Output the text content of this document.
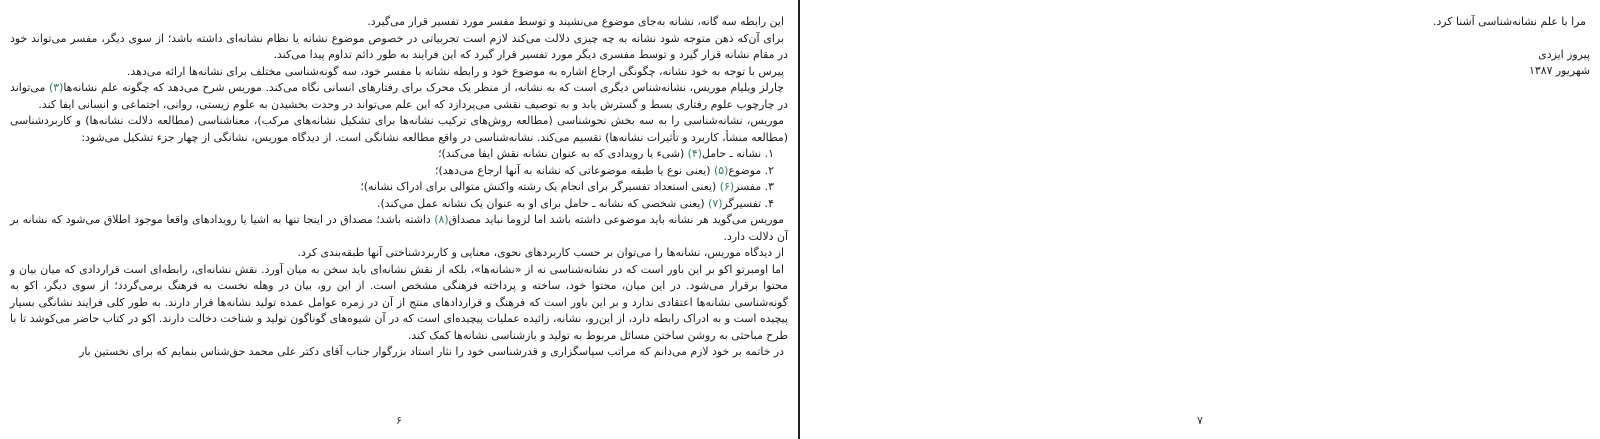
این رابطه سه گانه، نشانه به‌جای موضوع می‌نشیند و توسط مفسر مورد تفسیر قرار می‌گیرد.

برای آن‌که ذهن متوجه شود نشانه به چه چیزی دلالت می‌کند لازم است تجربیاتی در خصوص موضوع نشانه یا نظام نشانه‌ای داشته باشد؛ از سوی دیگر، مفسر می‌تواند خود در مقام نشانه قرار گیرد و توسط مفسری دیگر مورد تفسیر قرار گیرد که این فرایند به طور دائم تداوم پیدا می‌کند.

پیرس با توجه به خود نشانه، چگونگی ارجاع اشاره به موضوع خود و رابطه نشانه با مفسر خود، سه گونه‌شناسی مختلف برای نشانه‌ها ارائه می‌دهد.

چارلز ویلیام موریس، نشانه‌شناس دیگری است که به نشانه، از منظر یک محرک برای رفتارهای انسانی نگاه می‌کند. موریس شرح می‌دهد که چگونه علم نشانه‌ها(۳) می‌تواند در چارچوب علوم رفتاری بسط و گسترش یابد و به توصیف نقشی می‌پردازد که این علم می‌تواند در وحدت بخشیدن به علوم زیستی، روانی، اجتماعی و انسانی ایفا کند.

موریس، نشانه‌شناسی را به سه بخش نحوشناسی (مطالعه روش‌های ترکیب نشانه‌ها برای تشکیل نشانه‌های مرکب)، معناشناسی (مطالعه دلالت نشانه‌ها) و کاربردشناسی (مطالعه منشأ، کاربرد و تأثیرات نشانه‌ها) تقسیم می‌کند. نشانه‌شناسی در واقع مطالعه نشانگی است. از دیدگاه موریس، نشانگی از چهار جزء تشکیل می‌شود:

۱. نشانه ـ حامل(۴) (شیء یا رویدادی که به عنوان نشانه نقش ایفا می‌کند)؛

۲. موضوع(۵) (یعنی نوع یا طبقه موضوعاتی که نشانه به آنها ارجاع می‌دهد)؛

۳. مفسر(۶) (یعنی استعداد تفسیرگر برای انجام یک رشته واکنش متوالی برای ادراک نشانه)؛

۴. تفسیرگر(۷) (یعنی شخصی که نشانه ـ حامل برای او به عنوان یک نشانه عمل می‌کند).

موریس می‌گوید هر نشانه باید موضوعی داشته باشد اما لزوما نباید مصداق(۸) داشته باشد؛ مصداق در اینجا تنها به اشیا یا رویدادهای واقعا موجود اطلاق می‌شود که نشانه بر آن دلالت دارد.

از دیدگاه موریس، نشانه‌ها را می‌توان بر حسب کاربردهای نحوی، معنایی و کاربردشناختی آنها طبقه‌بندی کرد.

اما اومبرتو اکو بر این باور است که در نشانه‌شناسی نه از «نشانه‌ها»، بلکه از نقش نشانه‌ای باید سخن به میان آورد. نقش نشانه‌ای، رابطه‌ای است قراردادی که میان بیان و محتوا برقرار می‌شود. در این میان، محتوا خود، ساخته و پرداخته فرهنگی مشخص است. از این رو، بیان در وهله نخست به فرهنگ برمی‌گردد؛ از سوی دیگر، اکو به گونه‌شناسی نشانه‌ها اعتقادی ندارد و بر این باور است که فرهنگ و قراردادهای منتج از آن در زمره عوامل عمده تولید نشانه‌ها قرار دارند. به طور کلی فرایند نشانگی بسیار پیچیده است و به ادراک رابطه دارد، از این‌رو، نشانه، زائیده عملیات پیچیده‌ای است که در آن شیوه‌های گوناگون تولید و شناخت دخالت دارند. اکو در کتاب حاضر می‌کوشد تا با طرح مباحثی به روشن ساختن مسائل مربوط به تولید و بازشناسی نشانه‌ها کمک کند.

در خاتمه بر خود لازم می‌دانم که مراتب سپاسگزاری و قدرشناسی خود را نثار استاد بزرگوار جناب آقای دکتر علی محمد حق‌شناس بنمایم که برای نخستین بار

۶

مرا با علم نشانه‌شناسی آشنا کرد.

پیروز ایزدی
شهریور ۱۳۸۷
۷
